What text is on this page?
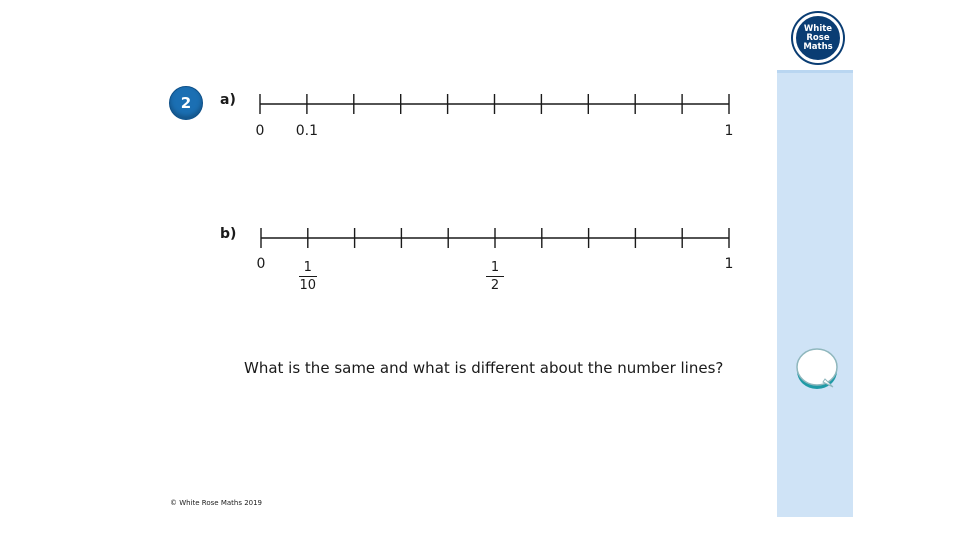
White
Rose
Maths
2	a)
b)
0 0.1	1
0	1
10
1
2
1
What is the same and what is different about the number lines?
© White Rose Maths 2019
